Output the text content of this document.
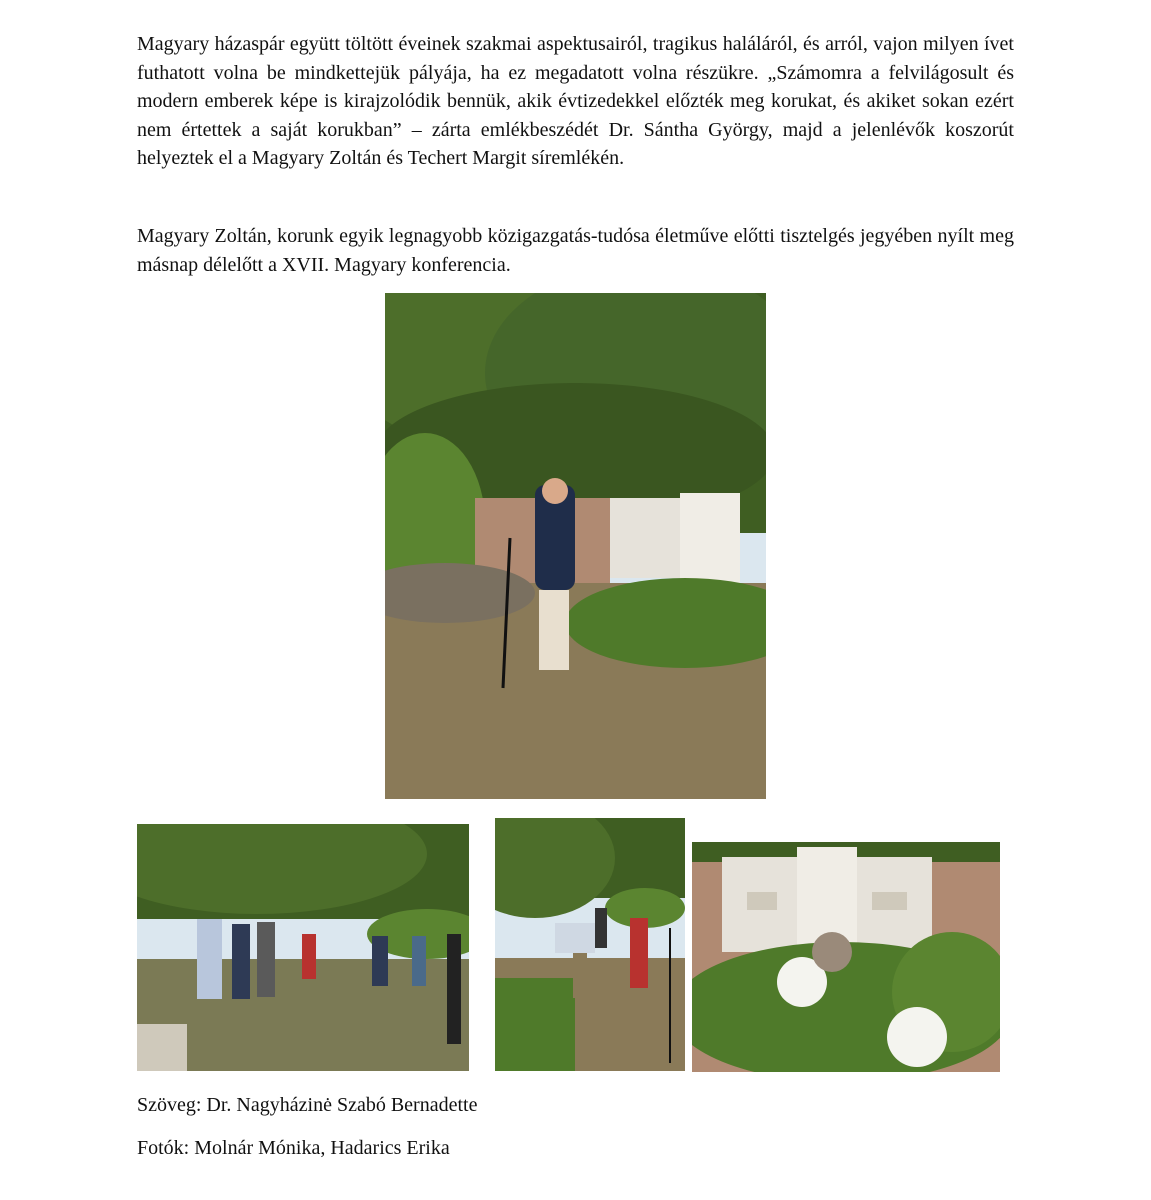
Magyary házaspár együtt töltött éveinek szakmai aspektusairól, tragikus haláláról, és arról, vajon milyen ívet futhatott volna be mindkettejük pályája, ha ez megadatott volna részükre. „Számomra a felvilágosult és modern emberek képe is kirajzolódik bennük, akik évtizedekkel előzték meg korukat, és akiket sokan ezért nem értettek a saját korukban” – zárta emlékbeszédét Dr. Sántha György, majd a jelenlévők koszorút helyeztek el a Magyary Zoltán és Techert Margit síremlékén.

Magyary Zoltán, korunk egyik legnagyobb közigazgatás-tudósa életműve előtti tisztelgés jegyében nyílt meg másnap délelőtt a XVII. Magyary konferencia.

Szöveg: Dr. Nagyházinė Szabó Bernadette

Fotók: Molnár Mónika, Hadarics Erika
